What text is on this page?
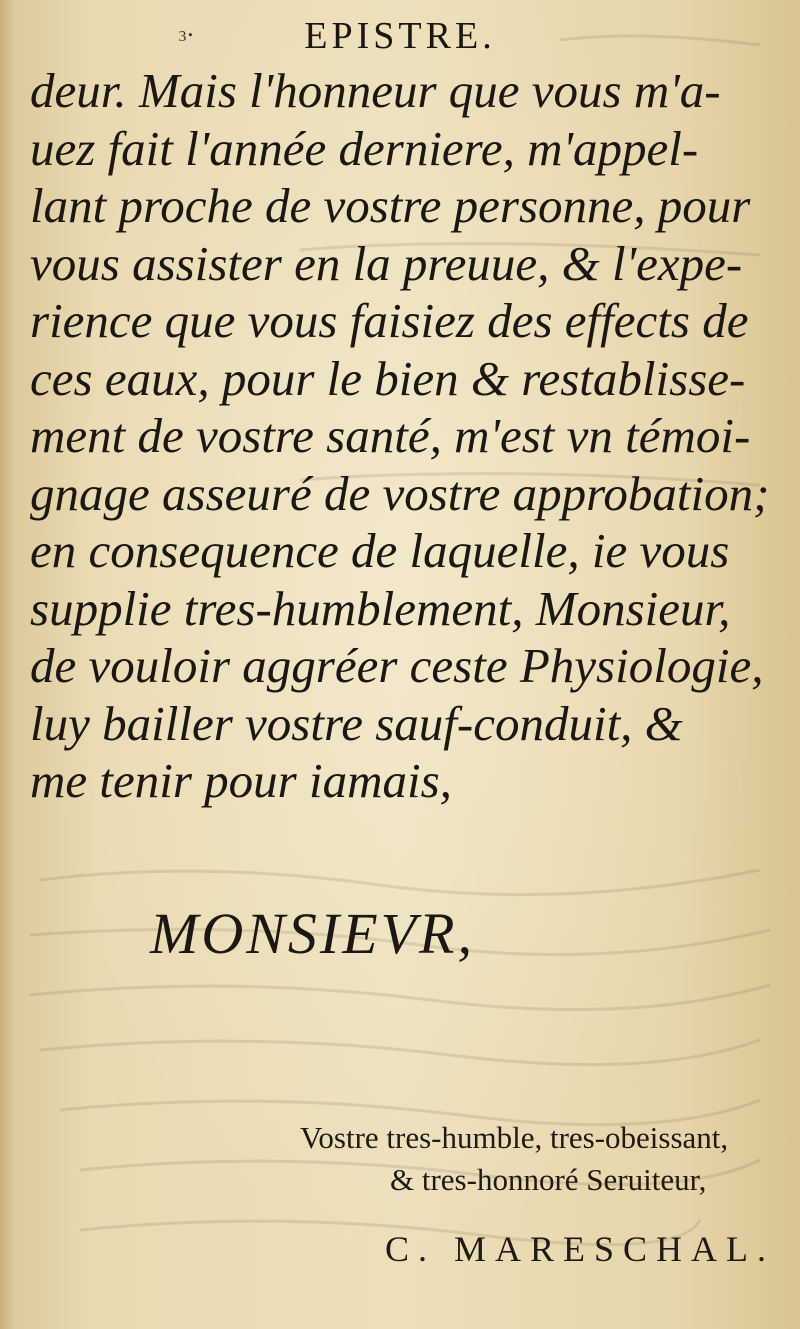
₃.	EPISTRE.
deur. Mais l'honneur que vous m'a-
uez fait l'année derniere, m'appel-
lant proche de vostre personne, pour
vous assister en la preuue, & l'expe-
rience que vous faisiez des effects de
ces eaux, pour le bien & restablisse-
ment de vostre santé, m'est vn témoi-
gnage asseuré de vostre approbation;
en consequence de laquelle, ie vous
supplie tres-humblement, Monsieur,
de vouloir aggréer ceste Physiologie,
luy bailler vostre sauf-conduit, &
me tenir pour iamais,
MONSIEVR,
Vostre tres-humble, tres-obeissant,
& tres-honnoré Seruiteur,
C. MARESCHAL.
